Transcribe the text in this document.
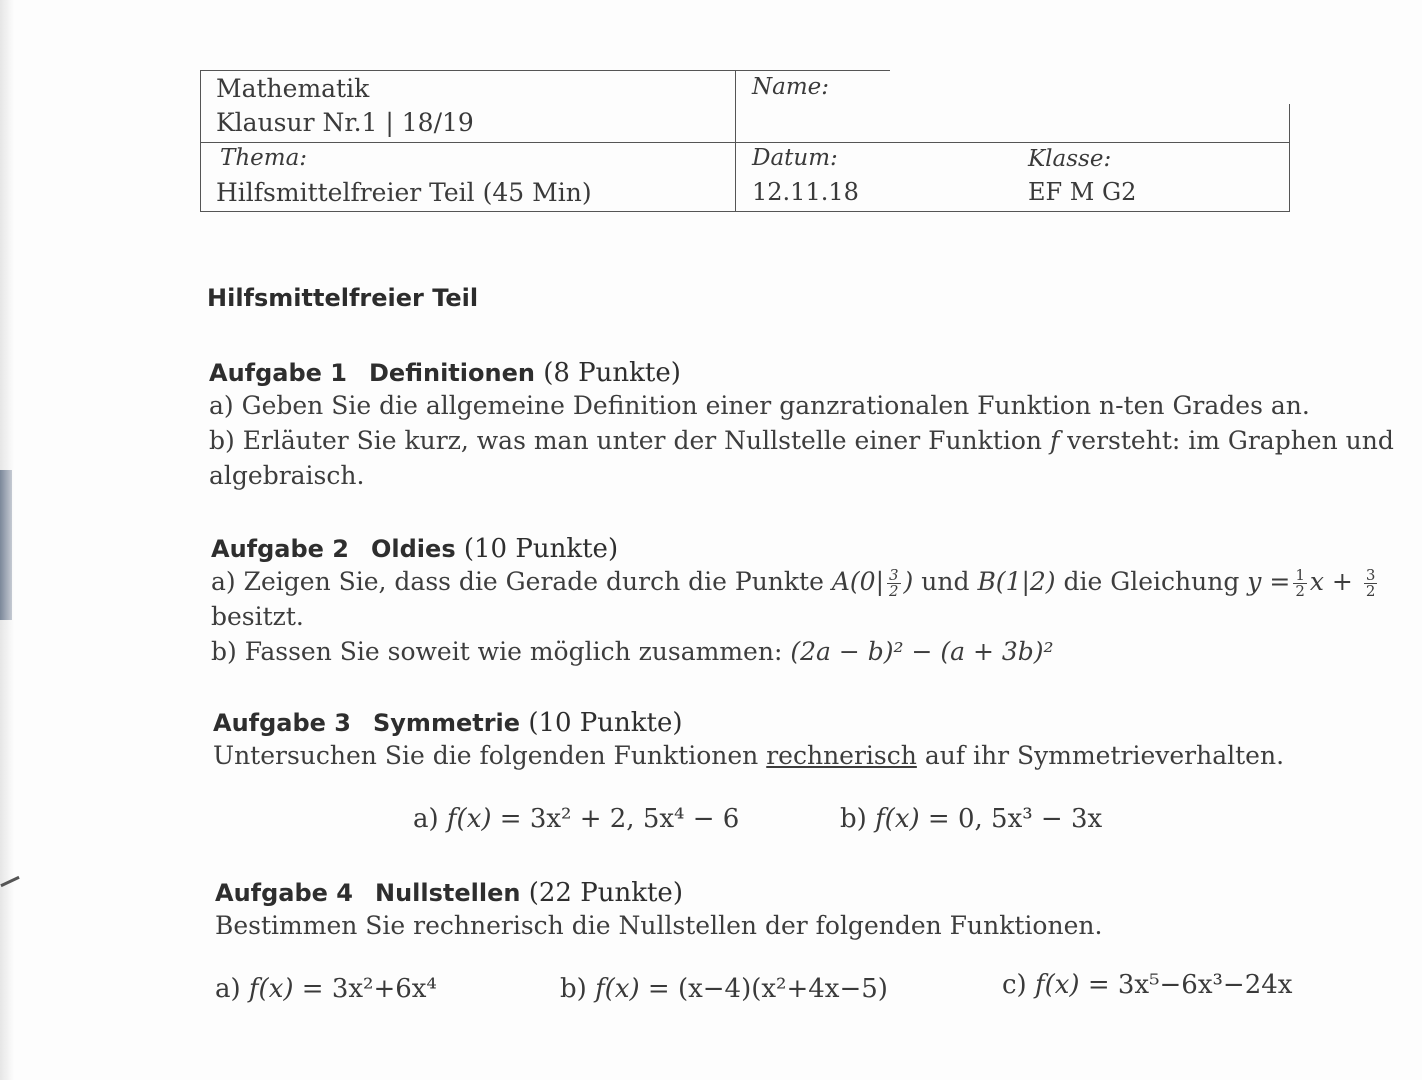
Mathematik
Klausur Nr.1 | 18/19
Name:
Thema:
Hilfsmittelfreier Teil (45 Min)
Datum:
12.11.18
Klasse:
EF M G2
Hilfsmittelfreier Teil
Aufgabe 1 Definitionen (8 Punkte)
a) Geben Sie die allgemeine Definition einer ganzrationalen Funktion n-ten Grades an.
b) Erläuter Sie kurz, was man unter der Nullstelle einer Funktion f versteht: im Graphen und
algebraisch.
Aufgabe 2 Oldies (10 Punkte)
a) Zeigen Sie, dass die Gerade durch die Punkte $A(0| \frac{3}{2}$ ) und B(1|2) die Gleichung $y = \frac{1}{2}$ $x + \frac{3}{2}$
besitzt.
b) Fassen Sie soweit wie möglich zusammen: (2a − b)² − (a + 3b)²
Aufgabe 3 Symmetrie (10 Punkte)
Untersuchen Sie die folgenden Funktionen rechnerisch auf ihr Symmetrieverhalten.
a) f(x) = 3x² + 2, 5x⁴ − 6	b) f(x) = 0, 5x³ − 3x
Aufgabe 4 Nullstellen (22 Punkte)
Bestimmen Sie rechnerisch die Nullstellen der folgenden Funktionen.
a) f(x) = 3x²+6x⁴	b) f(x) = (x−4)(x²+4x−5)	c) f(x) = 3x⁵−6x³−24x
